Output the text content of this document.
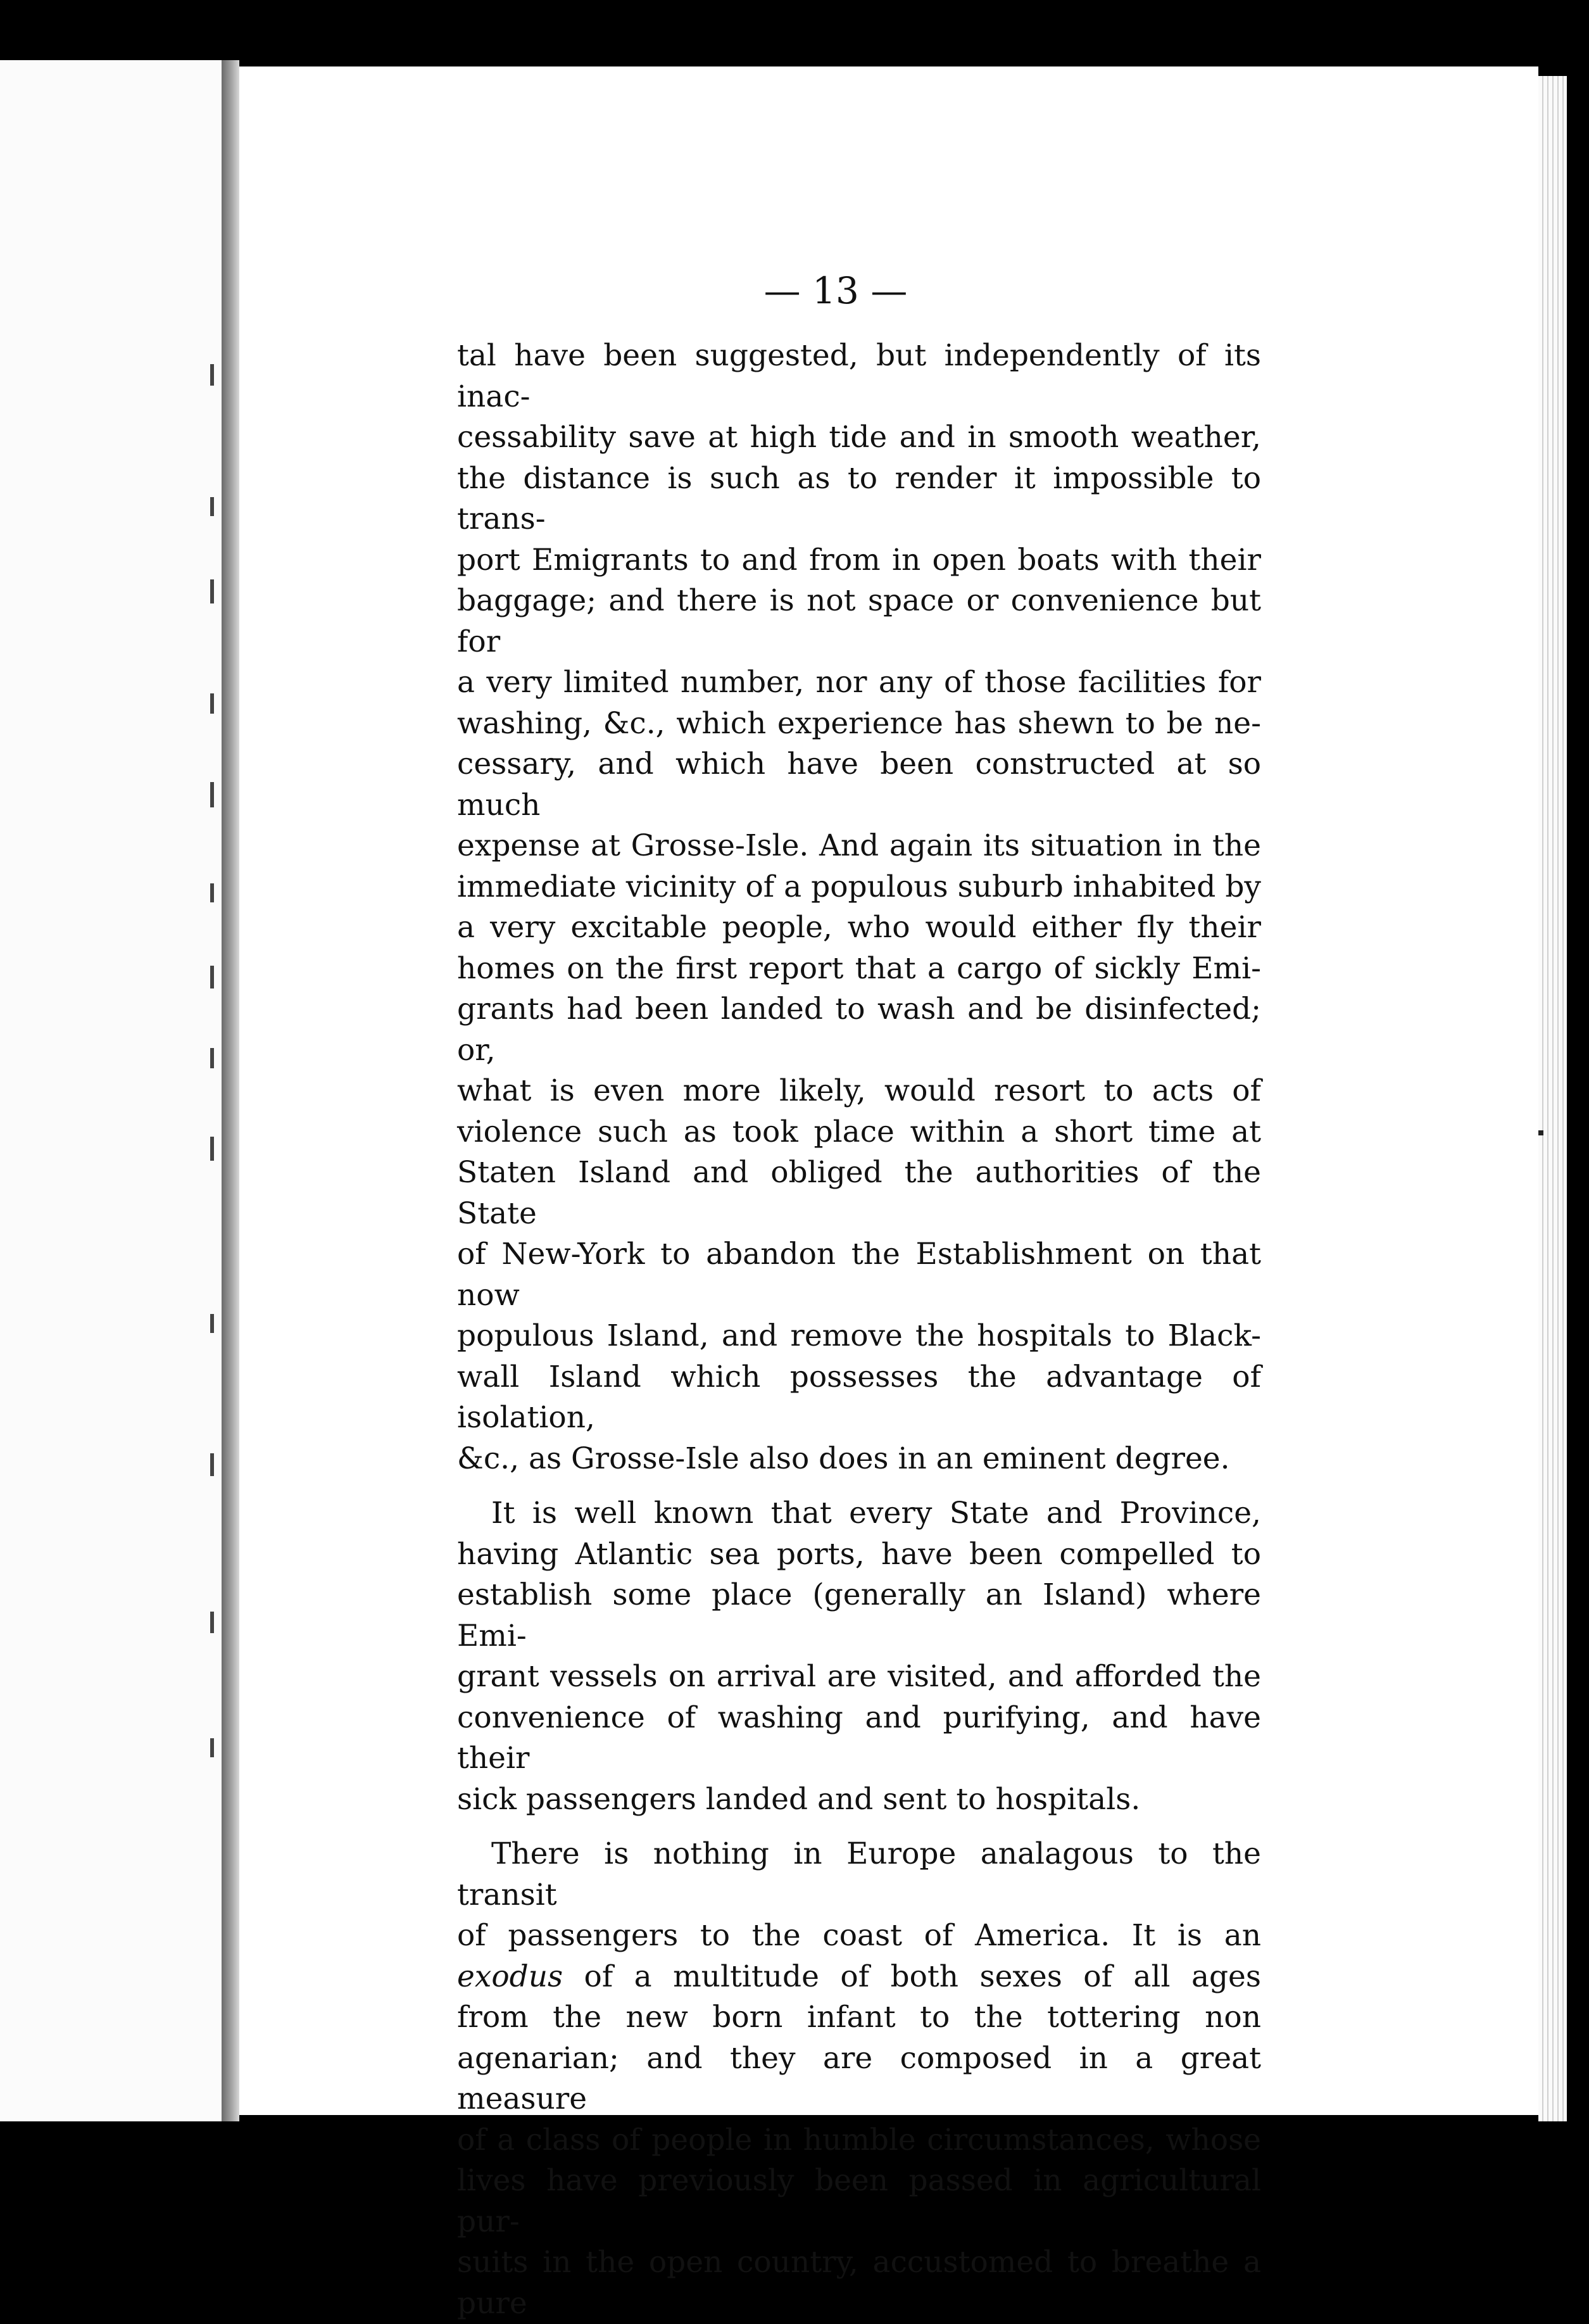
— 13 —

tal have been suggested, but independently of its inac-

cessability save at high tide and in smooth weather,

the distance is such as to render it impossible to trans-

port Emigrants to and from in open boats with their

baggage; and there is not space or convenience but for

a very limited number, nor any of those facilities for

washing, &c., which experience has shewn to be ne-

cessary, and which have been constructed at so much

expense at Grosse-Isle. And again its situation in the

immediate vicinity of a populous suburb inhabited by

a very excitable people, who would either fly their

homes on the first report that a cargo of sickly Emi-

grants had been landed to wash and be disinfected; or,

what is even more likely, would resort to acts of

violence such as took place within a short time at

Staten Island and obliged the authorities of the State

of New-York to abandon the Establishment on that now

populous Island, and remove the hospitals to Black-

wall Island which possesses the advantage of isolation,

&c., as Grosse-Isle also does in an eminent degree.

It is well known that every State and Province,

having Atlantic sea ports, have been compelled to

establish some place (generally an Island) where Emi-

grant vessels on arrival are visited, and afforded the

convenience of washing and purifying, and have their

sick passengers landed and sent to hospitals.

There is nothing in Europe analagous to the transit

of passengers to the coast of America. It is an

exodus of a multitude of both sexes of all ages

from the new born infant to the tottering non

agenarian; and they are composed in a great measure

of a class of people in humble circumstances, whose

lives have previously been passed in agricultural pur-

suits in the open country, accustomed to breathe a pure
